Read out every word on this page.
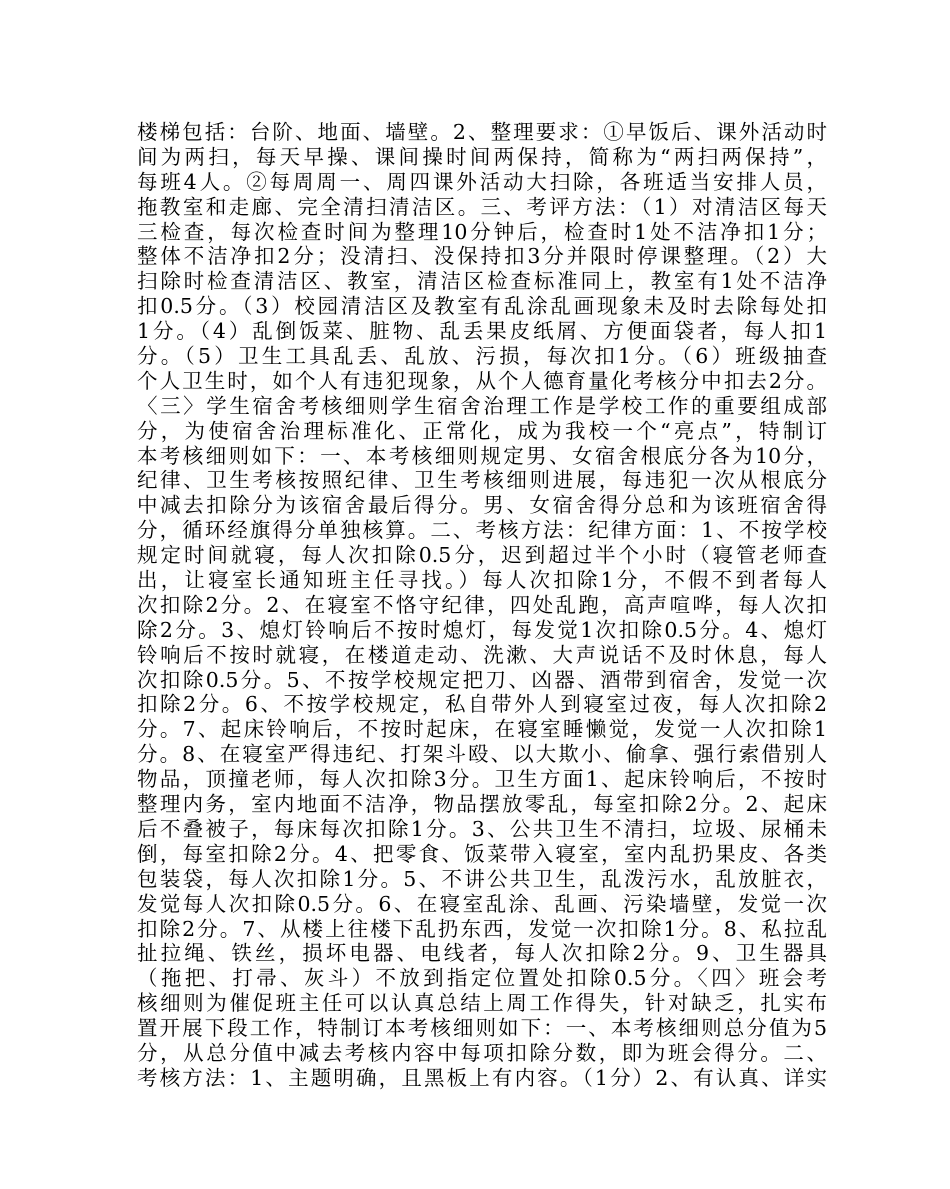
楼梯包括：台阶、地面、墙壁。2、整理要求：①早饭后、课外活动时
间为两扫，每天早操、课间操时间两保持，简称为“两扫两保持”，
每班4人。②每周周一、周四课外活动大扫除，各班适当安排人员，
拖教室和走廊、完全清扫清洁区。三、考评方法：（1）对清洁区每天
三检查，每次检查时间为整理10分钟后，检查时1处不洁净扣1分；
整体不洁净扣2分；没清扫、没保持扣3分并限时停课整理。（2）大
扫除时检查清洁区、教室，清洁区检查标准同上，教室有1处不洁净
扣0.5分。（3）校园清洁区及教室有乱涂乱画现象未及时去除每处扣
1分。（4）乱倒饭菜、脏物、乱丢果皮纸屑、方便面袋者，每人扣1
分。（5）卫生工具乱丢、乱放、污损，每次扣1分。（6）班级抽查
个人卫生时，如个人有违犯现象，从个人德育量化考核分中扣去2分。
〈三〉学生宿舍考核细则学生宿舍治理工作是学校工作的重要组成部
分，为使宿舍治理标准化、正常化，成为我校一个“亮点”，特制订
本考核细则如下：一、本考核细则规定男、女宿舍根底分各为10分，
纪律、卫生考核按照纪律、卫生考核细则进展，每违犯一次从根底分
中减去扣除分为该宿舍最后得分。男、女宿舍得分总和为该班宿舍得
分，循环经旗得分单独核算。二、考核方法：纪律方面：1、不按学校
规定时间就寝，每人次扣除0.5分，迟到超过半个小时（寝管老师查
出，让寝室长通知班主任寻找。）每人次扣除1分，不假不到者每人
次扣除2分。2、在寝室不恪守纪律，四处乱跑，高声喧哗，每人次扣
除2分。3、熄灯铃响后不按时熄灯，每发觉1次扣除0.5分。4、熄灯
铃响后不按时就寝，在楼道走动、洗漱、大声说话不及时休息，每人
次扣除0.5分。5、不按学校规定把刀、凶器、酒带到宿舍，发觉一次
扣除2分。6、不按学校规定，私自带外人到寝室过夜，每人次扣除2
分。7、起床铃响后，不按时起床，在寝室睡懒觉，发觉一人次扣除1
分。8、在寝室严得违纪、打架斗殴、以大欺小、偷拿、强行索借别人
物品，顶撞老师，每人次扣除3分。卫生方面1、起床铃响后，不按时
整理内务，室内地面不洁净，物品摆放零乱，每室扣除2分。2、起床
后不叠被子，每床每次扣除1分。3、公共卫生不清扫，垃圾、尿桶未
倒，每室扣除2分。4、把零食、饭菜带入寝室，室内乱扔果皮、各类
包装袋，每人次扣除1分。5、不讲公共卫生，乱泼污水，乱放脏衣，
发觉每人次扣除0.5分。6、在寝室乱涂、乱画、污染墙壁，发觉一次
扣除2分。7、从楼上往楼下乱扔东西，发觉一次扣除1分。8、私拉乱
扯拉绳、铁丝，损坏电器、电线者，每人次扣除2分。9、卫生器具
（拖把、打帚、灰斗）不放到指定位置处扣除0.5分。〈四〉班会考
核细则为催促班主任可以认真总结上周工作得失，针对缺乏，扎实布
置开展下段工作，特制订本考核细则如下：一、本考核细则总分值为5
分，从总分值中减去考核内容中每项扣除分数，即为班会得分。二、
考核方法：1、主题明确，且黑板上有内容。（1分）2、有认真、详实
